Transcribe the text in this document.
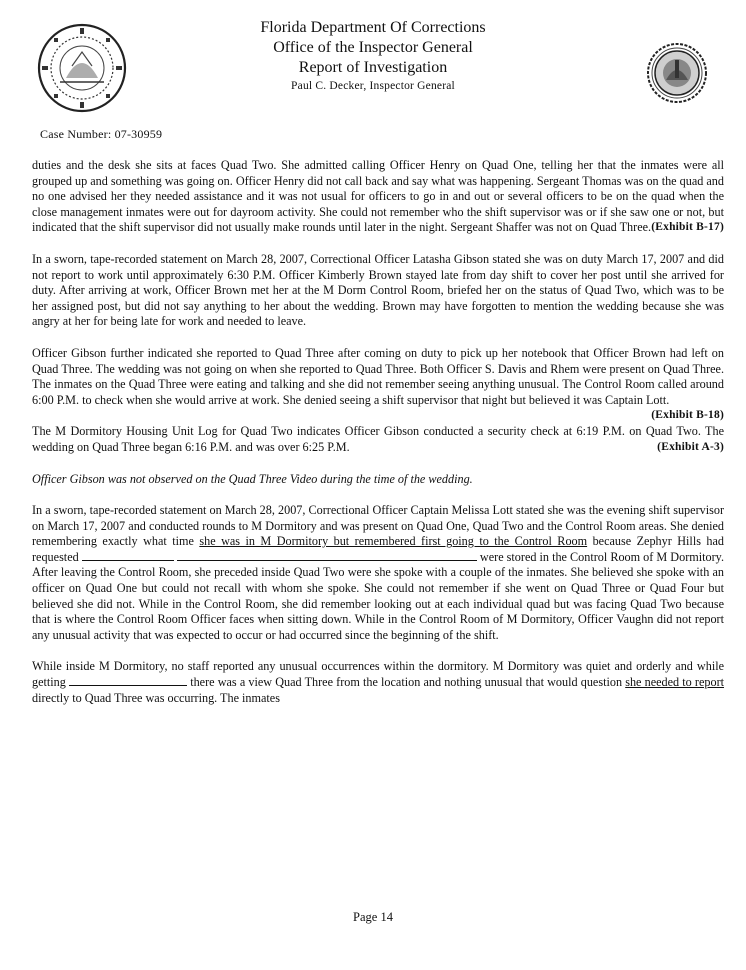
Florida Department Of Corrections
Office of the Inspector General
Report of Investigation
Paul C. Decker, Inspector General
Case Number: 07-30959

duties and the desk she sits at faces Quad Two. She admitted calling Officer Henry on Quad One, telling her that the inmates were all grouped up and something was going on. Officer Henry did not call back and say what was happening. Sergeant Thomas was on the quad and no one advised her they needed assistance and it was not usual for officers to go in and out or several officers to be on the quad when the close management inmates were out for dayroom activity. She could not remember who the shift supervisor was or if she saw one or not, but indicated that the shift supervisor did not usually make rounds until later in the night. Sergeant Shaffer was not on Quad Three. (Exhibit B-17)

In a sworn, tape-recorded statement on March 28, 2007, Correctional Officer Latasha Gibson stated she was on duty March 17, 2007 and did not report to work until approximately 6:30 P.M. Officer Kimberly Brown stayed late from day shift to cover her post until she arrived for duty. After arriving at work, Officer Brown met her at the M Dorm Control Room, briefed her on the status of Quad Two, which was to be her assigned post, but did not say anything to her about the wedding. Brown may have forgotten to mention the wedding because she was angry at her for being late for work and needed to leave.

Officer Gibson further indicated she reported to Quad Three after coming on duty to pick up her notebook that Officer Brown had left on Quad Three. The wedding was not going on when she reported to Quad Three. Both Officer S. Davis and Rhem were present on Quad Three. The inmates on the Quad Three were eating and talking and she did not remember seeing anything unusual. The Control Room called around 6:00 P.M. to check when she would arrive at work. She denied seeing a shift supervisor that night but believed it was Captain Lott.
(Exhibit B-18)

The M Dormitory Housing Unit Log for Quad Two indicates Officer Gibson conducted a security check at 6:19 P.M. on Quad Two. The wedding on Quad Three began 6:16 P.M. and was over 6:25 P.M.	(Exhibit A-3)

Officer Gibson was not observed on the Quad Three Video during the time of the wedding.

In a sworn, tape-recorded statement on March 28, 2007, Correctional Officer Captain Melissa Lott stated she was the evening shift supervisor on March 17, 2007 and conducted rounds to M Dormitory and was present on Quad One, Quad Two and the Control Room areas. She denied remembering exactly what time she was in M Dormitory but remembered first going to the Control Room because Zephyr Hills had requested	were stored in the Control Room of M Dormitory. After leaving the Control Room, she preceded inside Quad Two were she spoke with a couple of the inmates. She believed she spoke with an officer on Quad One but could not recall with whom she spoke. She could not remember if she went on Quad Three or Quad Four but believed she did not. While in the Control Room, she did remember looking out at each individual quad but was facing Quad Two because that is where the Control Room Officer faces when sitting down. While in the Control Room of M Dormitory, Officer Vaughn did not report any unusual activity that was expected to occur or had occurred since the beginning of the shift.

While inside M Dormitory, no staff reported any unusual occurrences within the dormitory. M Dormitory was quiet and orderly and while getting	there was a view Quad Three from the location and nothing unusual that would question she needed to report directly to Quad Three was occurring. The inmates

Page 14
